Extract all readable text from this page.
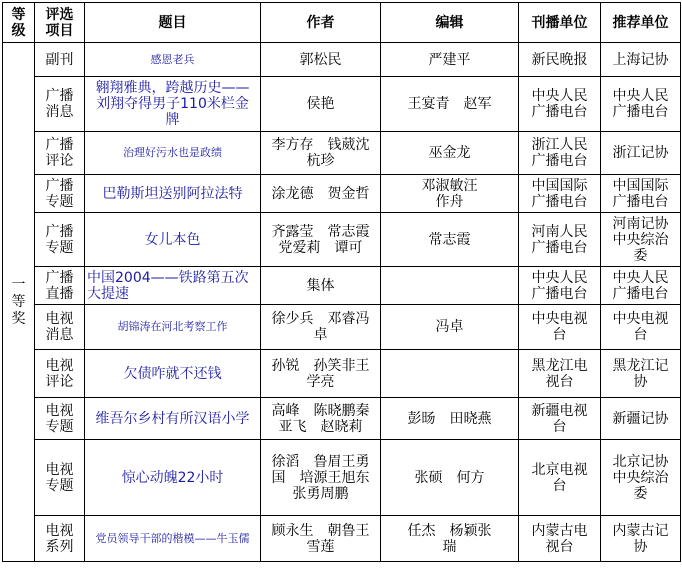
等级	评选项目	题目	作者	编辑	刊播单位	推荐单位
一等奖	副刊	感恩老兵	郭松民	严建平	新民晚报	上海记协
	广播消息	翱翔雅典，跨越历史——刘翔夺得男子110米栏金牌	侯艳	王宴青　赵军	中央人民广播电台	中央人民广播电台
	广播评论	治理好污水也是政绩	李方存　钱葳沈杭珍	巫金龙	浙江人民广播电台	浙江记协
	广播专题	巴勒斯坦送别阿拉法特	涂龙德　贺金哲	邓淑敏汪作舟	中国国际广播电台	中国国际广播电台
	广播专题	女儿本色	齐露莹　常志霞党爱莉　谭可	常志霞	河南人民广播电台	河南记协中央综治委
	广播直播	中国2004——铁路第五次大提速	集体		中央人民广播电台	中央人民广播电台
	电视消息	胡锦涛在河北考察工作	徐少兵　邓睿冯卓	冯卓	中央电视台	中央电视台
	电视评论	欠债咋就不还钱	孙锐　孙笑非王学亮		黑龙江电视台	黑龙江记协
	电视专题	维吾尔乡村有所汉语小学	高峰　陈晓鹏秦亚飞　赵晓莉	彭旸　田晓燕	新疆电视台	新疆记协
	电视专题	惊心动魄22小时	徐滔　鲁眉王勇国　培源王旭东　张勇周鹏	张硕　何方	北京电视台	北京记协中央综治委
	电视系列	党员领导干部的楷模——牛玉儒	顾永生　朝鲁王雪莲	任杰　杨颖张瑞	内蒙古电视台	内蒙古记协
